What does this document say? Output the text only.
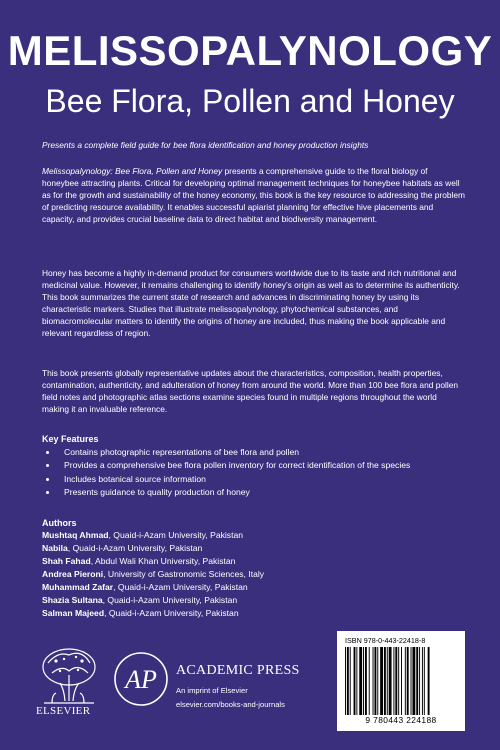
MELISSOPALYNOLOGY
Bee Flora, Pollen and Honey
Presents a complete field guide for bee flora identification and honey production insights

Melissopalynology: Bee Flora, Pollen and Honey presents a comprehensive guide to the floral biology of honeybee attracting plants. Critical for developing optimal management techniques for honeybee habitats as well as for the growth and sustainability of the honey economy, this book is the key resource to addressing the problem of predicting resource availability. It enables successful apiarist planning for effective hive placements and capacity, and provides crucial baseline data to direct habitat and biodiversity management.

Honey has become a highly in-demand product for consumers worldwide due to its taste and rich nutritional and medicinal value. However, it remains challenging to identify honey’s origin as well as to determine its authenticity. This book summarizes the current state of research and advances in discriminating honey by using its characteristic markers. Studies that illustrate melissopalynology, phytochemical substances, and biomacromolecular matters to identify the origins of honey are included, thus making the book applicable and relevant regardless of region.

This book presents globally representative updates about the characteristics, composition, health properties, contamination, authenticity, and adulteration of honey from around the world. More than 100 bee flora and pollen field notes and photographic atlas sections examine species found in multiple regions throughout the world making it an invaluable reference.

Key Features
Contains photographic representations of bee flora and pollen
Provides a comprehensive bee flora pollen inventory for correct identification of the species
Includes botanical source information
Presents guidance to quality production of honey
Authors
Mushtaq Ahmad, Quaid-i-Azam University, Pakistan
Nabila, Quaid-i-Azam University, Pakistan
Shah Fahad, Abdul Wali Khan University, Pakistan
Andrea Pieroni, University of Gastronomic Sciences, Italy
Muhammad Zafar, Quaid-i-Azam University, Pakistan
Shazia Sultana, Quaid-i-Azam University, Pakistan
Salman Majeed, Quaid-i-Azam University, Pakistan
ELSEVIER
AP ACADEMIC PRESS
An imprint of Elsevier
elsevier.com/books-and-journals
ISBN 978-0-443-22418-8
9 780443 224188
